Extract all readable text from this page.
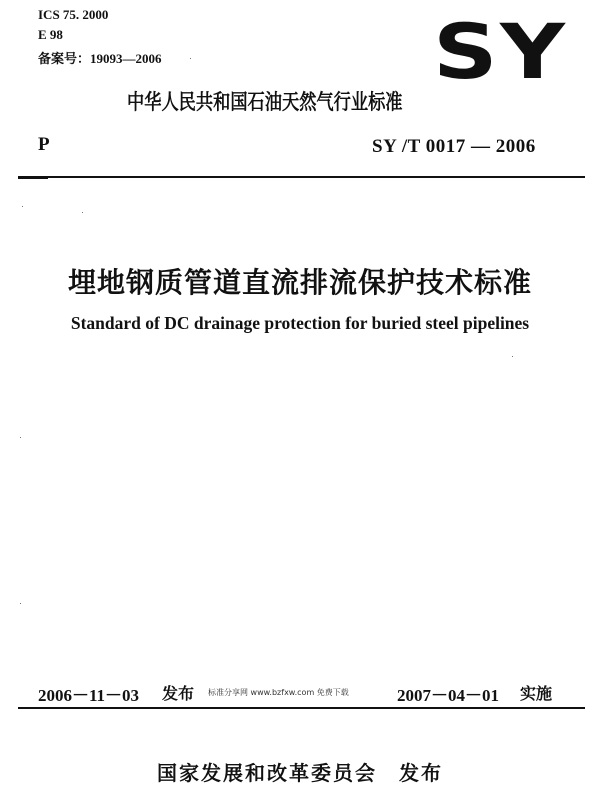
ICS 75. 2000
E 98
备案号：19093—2006	SY
中华人民共和国石油天然气行业标准
P	SY /T 0017 — 2006
埋地钢质管道直流排流保护技术标准
Standard of DC drainage protection for buried steel pipelines
2006－11－03 发布 标准分享网 www.bzfxw.com 免费下载	2007－04－01 实施
国家发展和改革委员会　发布
